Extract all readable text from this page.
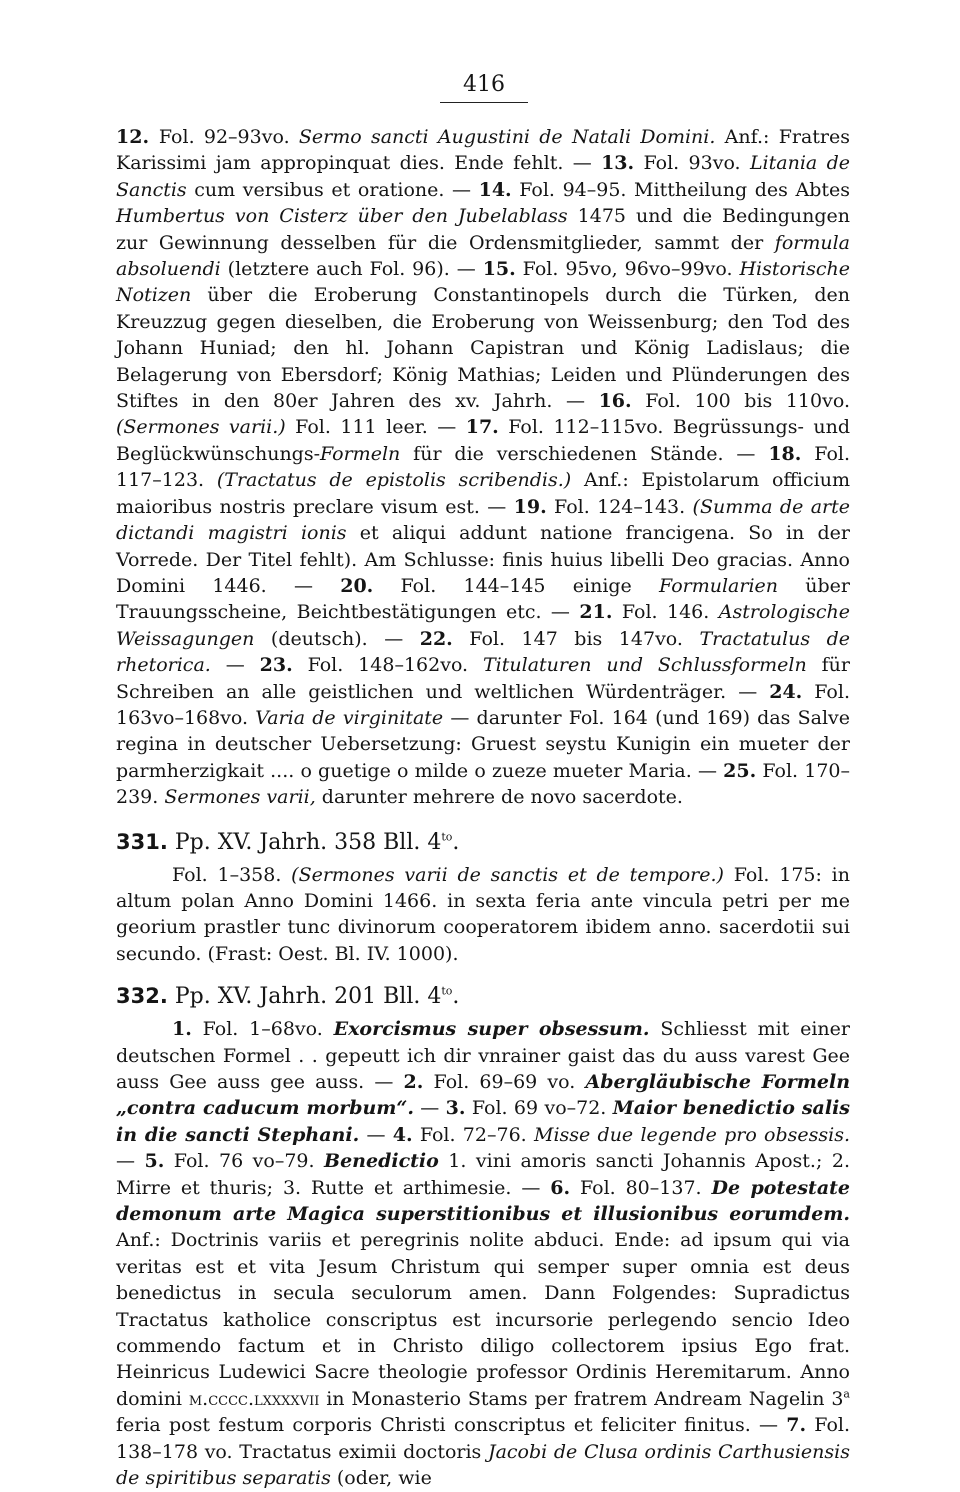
416

12. Fol. 92–93vo. Sermo sancti Augustini de Natali Domini. Anf.: Fratres Karissimi jam appropinquat dies. Ende fehlt. — 13. Fol. 93vo. Litania de Sanctis cum versibus et oratione. — 14. Fol. 94–95. Mittheilung des Abtes Humbertus von Cisterz über den Jubelablass 1475 und die Bedingungen zur Gewinnung desselben für die Ordensmitglieder, sammt der formula absoluendi (letztere auch Fol. 96). — 15. Fol. 95vo, 96vo–99vo. Historische Notizen über die Eroberung Constantinopels durch die Türken, den Kreuzzug gegen dieselben, die Eroberung von Weissenburg; den Tod des Johann Huniad; den hl. Johann Capistran und König Ladislaus; die Belagerung von Ebersdorf; König Mathias; Leiden und Plünderungen des Stiftes in den 80er Jahren des xv. Jahrh. — 16. Fol. 100 bis 110vo. (Sermones varii.) Fol. 111 leer. — 17. Fol. 112–115vo. Begrüssungs- und Beglückwünschungs-Formeln für die verschiedenen Stände. — 18. Fol. 117–123. (Tractatus de epistolis scribendis.) Anf.: Epistolarum officium maioribus nostris preclare visum est. — 19. Fol. 124–143. (Summa de arte dictandi magistri ionis et aliqui addunt natione francigena. So in der Vorrede. Der Titel fehlt). Am Schlusse: finis huius libelli Deo gracias. Anno Domini 1446. — 20. Fol. 144–145 einige Formularien über Trauungsscheine, Beichtbestätigungen etc. — 21. Fol. 146. Astrologische Weissagungen (deutsch). — 22. Fol. 147 bis 147vo. Tractatulus de rhetorica. — 23. Fol. 148–162vo. Titulaturen und Schlussformeln für Schreiben an alle geistlichen und weltlichen Würdenträger. — 24. Fol. 163vo–168vo. Varia de virginitate — darunter Fol. 164 (und 169) das Salve regina in deutscher Uebersetzung: Gruest seystu Kunigin ein mueter der parmherzigkait .... o guetige o milde o zueze mueter Maria. — 25. Fol. 170–239. Sermones varii, darunter mehrere de novo sacerdote.

331. Pp. XV. Jahrh. 358 Bll. $4^{to}$.

Fol. 1–358. (Sermones varii de sanctis et de tempore.) Fol. 175: in altum polan Anno Domini 1466. in sexta feria ante vincula petri per me georium prastler tunc divinorum cooperatorem ibidem anno. sacerdotii sui secundo. (Frast: Oest. Bl. IV. 1000).

332. Pp. XV. Jahrh. 201 Bll. $4^{to}$.

1. Fol. 1–68vo. Exorcismus super obsessum. Schliesst mit einer deutschen Formel . . gepeutt ich dir vnrainer gaist das du auss varest Gee auss Gee auss gee auss. — 2. Fol. 69–69 vo. Abergläubische Formeln „contra caducum morbum“. — 3. Fol. 69 vo–72. Maior benedictio salis in die sancti Stephani. — 4. Fol. 72–76. Misse due legende pro obsessis. — 5. Fol. 76 vo–79. Benedictio 1. vini amoris sancti Johannis Apost.; 2. Mirre et thuris; 3. Rutte et arthimesie. — 6. Fol. 80–137. De potestate demonum arte Magica superstitionibus et illusionibus eorumdem. Anf.: Doctrinis variis et peregrinis nolite abduci. Ende: ad ipsum qui via veritas est et vita Jesum Christum qui semper super omnia est deus benedictus in secula seculorum amen. Dann Folgendes: Supradictus Tractatus katholice conscriptus est incursorie perlegendo sencio Ideo commendo factum et in Christo diligo collectorem ipsius Ego frat. Heinricus Ludewici Sacre theologie professor Ordinis Heremitarum. Anno domini m.cccc.lxxxxvii in Monasterio Stams per fratrem Andream Nagelin 3$^a$ feria post festum corporis Christi conscriptus et feliciter finitus. — 7. Fol. 138–178 vo. Tractatus eximii doctoris Jacobi de Clusa ordinis Carthusiensis de spiritibus separatis (oder, wie
